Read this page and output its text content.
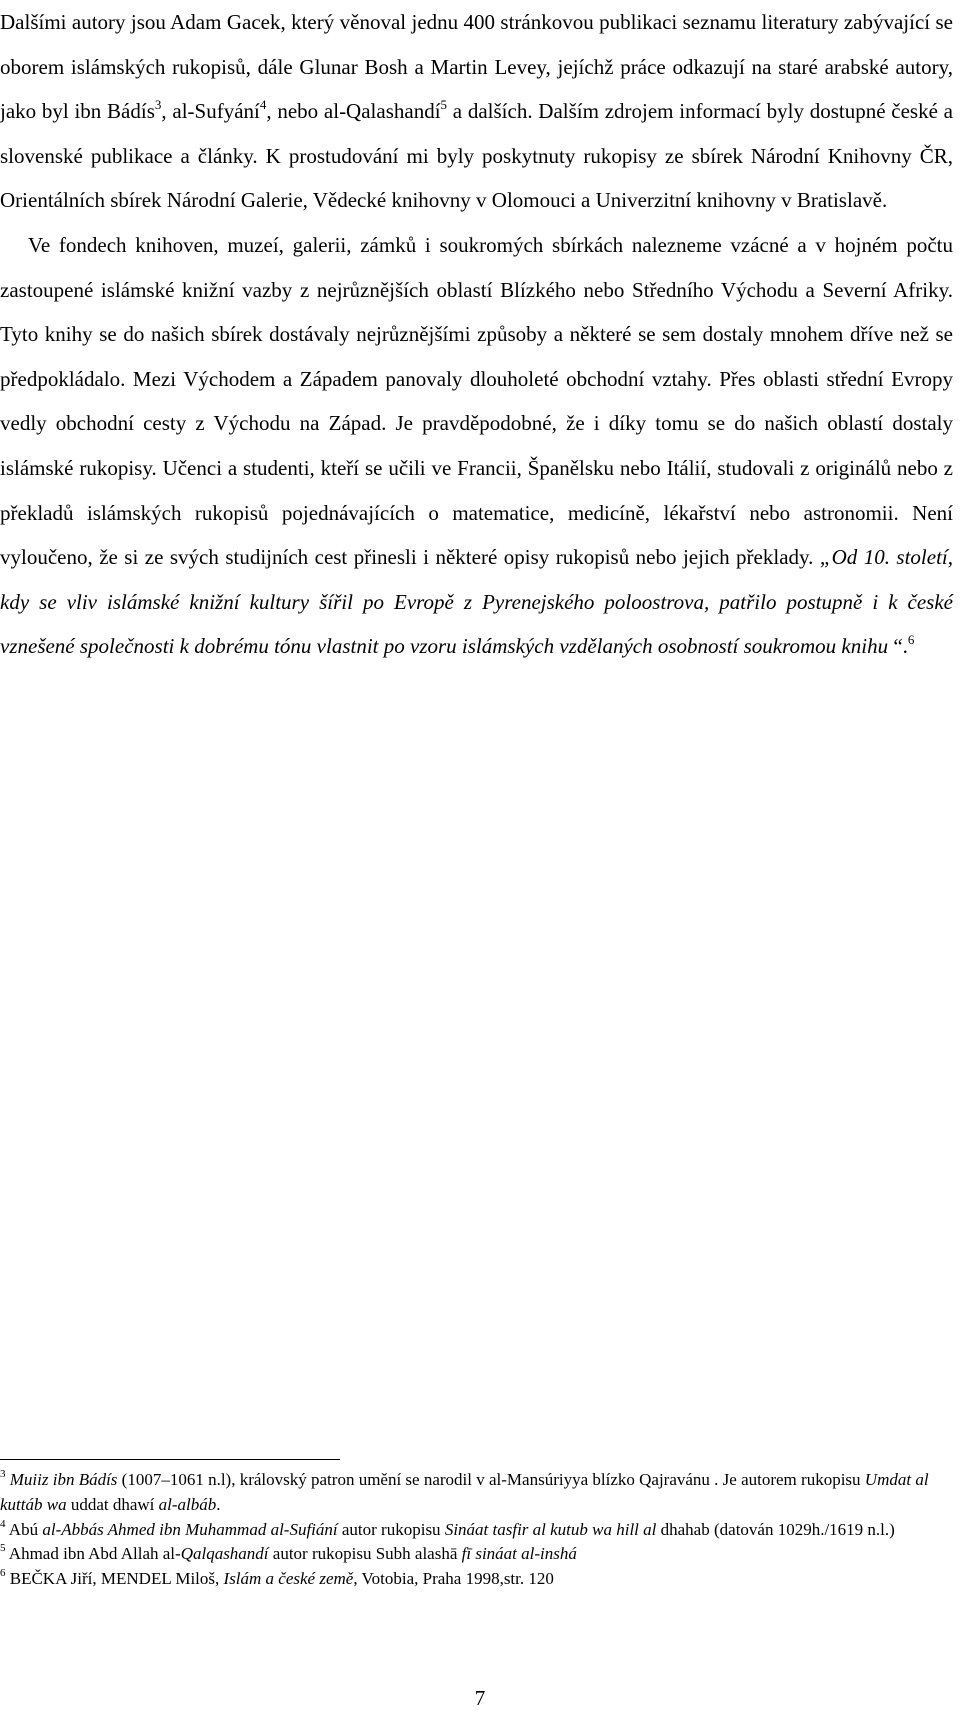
Dalšími autory jsou Adam Gacek, který věnoval jednu 400 stránkovou publikaci seznamu literatury zabývající se oborem islámských rukopisů, dále Glunar Bosh a Martin Levey, jejíchž práce odkazují na staré arabské autory, jako byl ibn Bádís$^3$, al-Sufyání$^4$, nebo al-Qalashandí$^5$ a dalších. Dalším zdrojem informací byly dostupné české a slovenské publikace a články. K prostudování mi byly poskytnuty rukopisy ze sbírek Národní Knihovny ČR, Orientálních sbírek Národní Galerie, Vědecké knihovny v Olomouci a Univerzitní knihovny v Bratislavě.

Ve fondech knihoven, muzeí, galerii, zámků i soukromých sbírkách nalezneme vzácné a v hojném počtu zastoupené islámské knižní vazby z nejrůznějších oblastí Blízkého nebo Středního Východu a Severní Afriky. Tyto knihy se do našich sbírek dostávaly nejrůznějšími způsoby a některé se sem dostaly mnohem dříve než se předpokládalo. Mezi Východem a Západem panovaly dlouholeté obchodní vztahy. Přes oblasti střední Evropy vedly obchodní cesty z Východu na Západ. Je pravděpodobné, že i díky tomu se do našich oblastí dostaly islámské rukopisy. Učenci a studenti, kteří se učili ve Francii, Španělsku nebo Itálií, studovali z originálů nebo z překladů islámských rukopisů pojednávajících o matematice, medicíně, lékařství nebo astronomii. Není vyloučeno, že si ze svých studijních cest přinesli i některé opisy rukopisů nebo jejich překlady. „Od 10. století, kdy se vliv islámské knižní kultury šířil po Evropě z Pyrenejského poloostrova, patřilo postupně i k české vznešené společnosti k dobrému tónu vlastnit po vzoru islámských vzdělaných osobností soukromou knihu “.$^6$

$^3$ Muiiz ibn Bádís (1007–1061 n.l), královský patron umění se narodil v al-Mansúriyya blízko Qajravánu . Je autorem rukopisu Umdat al kuttáb wa uddat dhawí al-albáb.

$^4$ Abú al-Abbás Ahmed ibn Muhammad al-Sufiání autor rukopisu Sináat tasfir al kutub wa hill al dhahab (datován 1029h./1619 n.l.)

$^5$ Ahmad ibn Abd Allah al-Qalqashandí autor rukopisu Subh alashā fī sináat al-inshá

$^6$ BEČKA Jiří, MENDEL Miloš, Islám a české země, Votobia, Praha 1998,str. 120

7
